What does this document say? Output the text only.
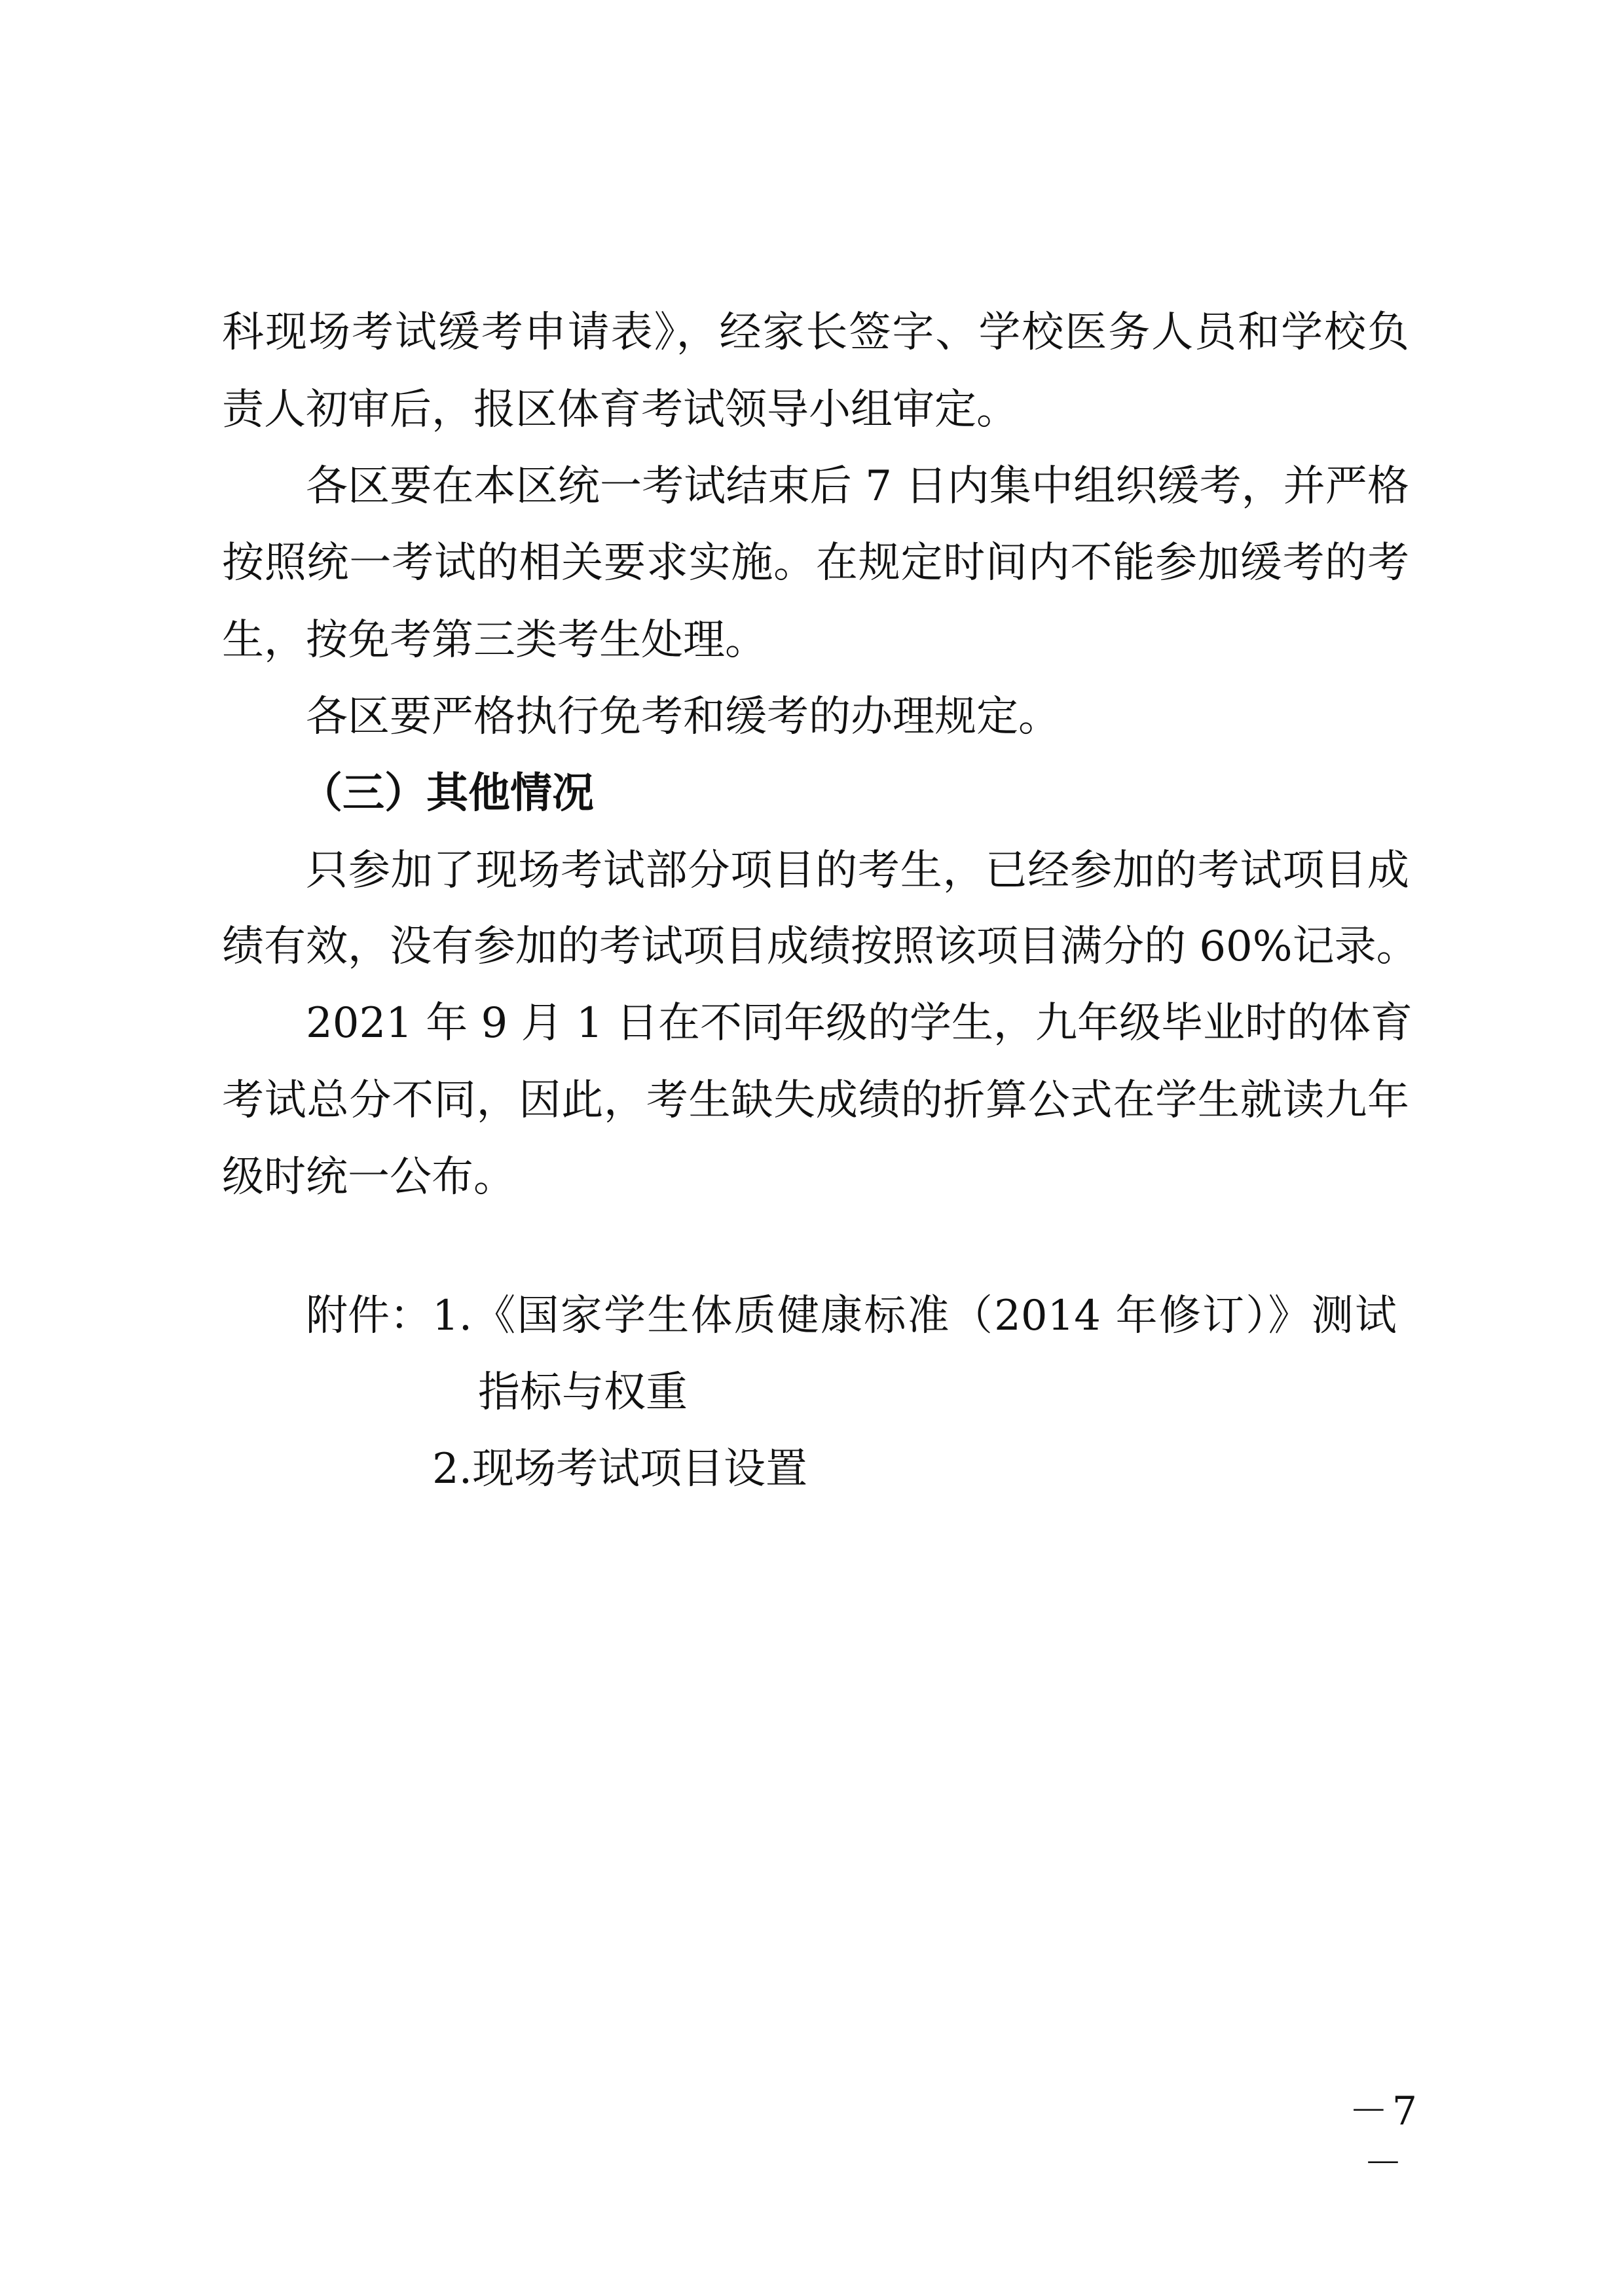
科现场考试缓考申请表》，经家长签字、学校医务人员和学校负
责人初审后，报区体育考试领导小组审定。
各区要在本区统一考试结束后 7 日内集中组织缓考，并严格
按照统一考试的相关要求实施。在规定时间内不能参加缓考的考
生，按免考第三类考生处理。
各区要严格执行免考和缓考的办理规定。
（三）其他情况
只参加了现场考试部分项目的考生，已经参加的考试项目成
绩有效，没有参加的考试项目成绩按照该项目满分的 60%记录。
2021 年 9 月 1 日在不同年级的学生，九年级毕业时的体育
考试总分不同，因此，考生缺失成绩的折算公式在学生就读九年
级时统一公布。
附件： 1.《国家学生体质健康标准（2014 年修订）》测试
指标与权重
2.现场考试项目设置
－7－
